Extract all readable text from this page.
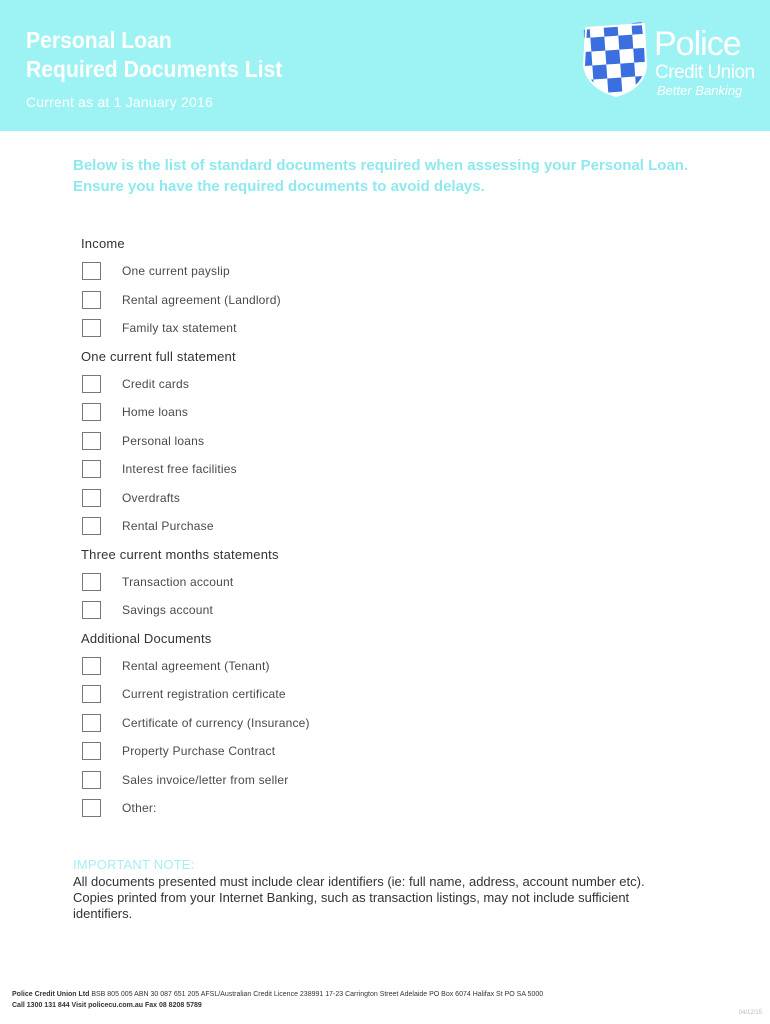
Personal Loan
Required Documents List
Current as at 1 January 2016
Police
Credit Union
Better Banking
Below is the list of standard documents required when assessing your Personal Loan.
Ensure you have the required documents to avoid delays.
Income
One current payslip
Rental agreement (Landlord)
Family tax statement
One current full statement
Credit cards
Home loans
Personal loans
Interest free facilities
Overdrafts
Rental Purchase
Three current months statements
Transaction account
Savings account
Additional Documents
Rental agreement (Tenant)
Current registration certificate
Certificate of currency (Insurance)
Property Purchase Contract
Sales invoice/letter from seller
Other:
IMPORTANT NOTE:
All documents presented must include clear identifiers (ie: full name, address, account number etc). Copies printed from your Internet Banking, such as transaction listings, may not include sufficient identifiers.
Police Credit Union Ltd BSB 805 005 ABN 30 087 651 205 AFSL/Australian Credit Licence 238991 17-23 Carrington Street Adelaide PO Box 6074 Halifax St PO SA 5000
Call 1300 131 844 Visit policecu.com.au Fax 08 8208 5789
04/12/15
